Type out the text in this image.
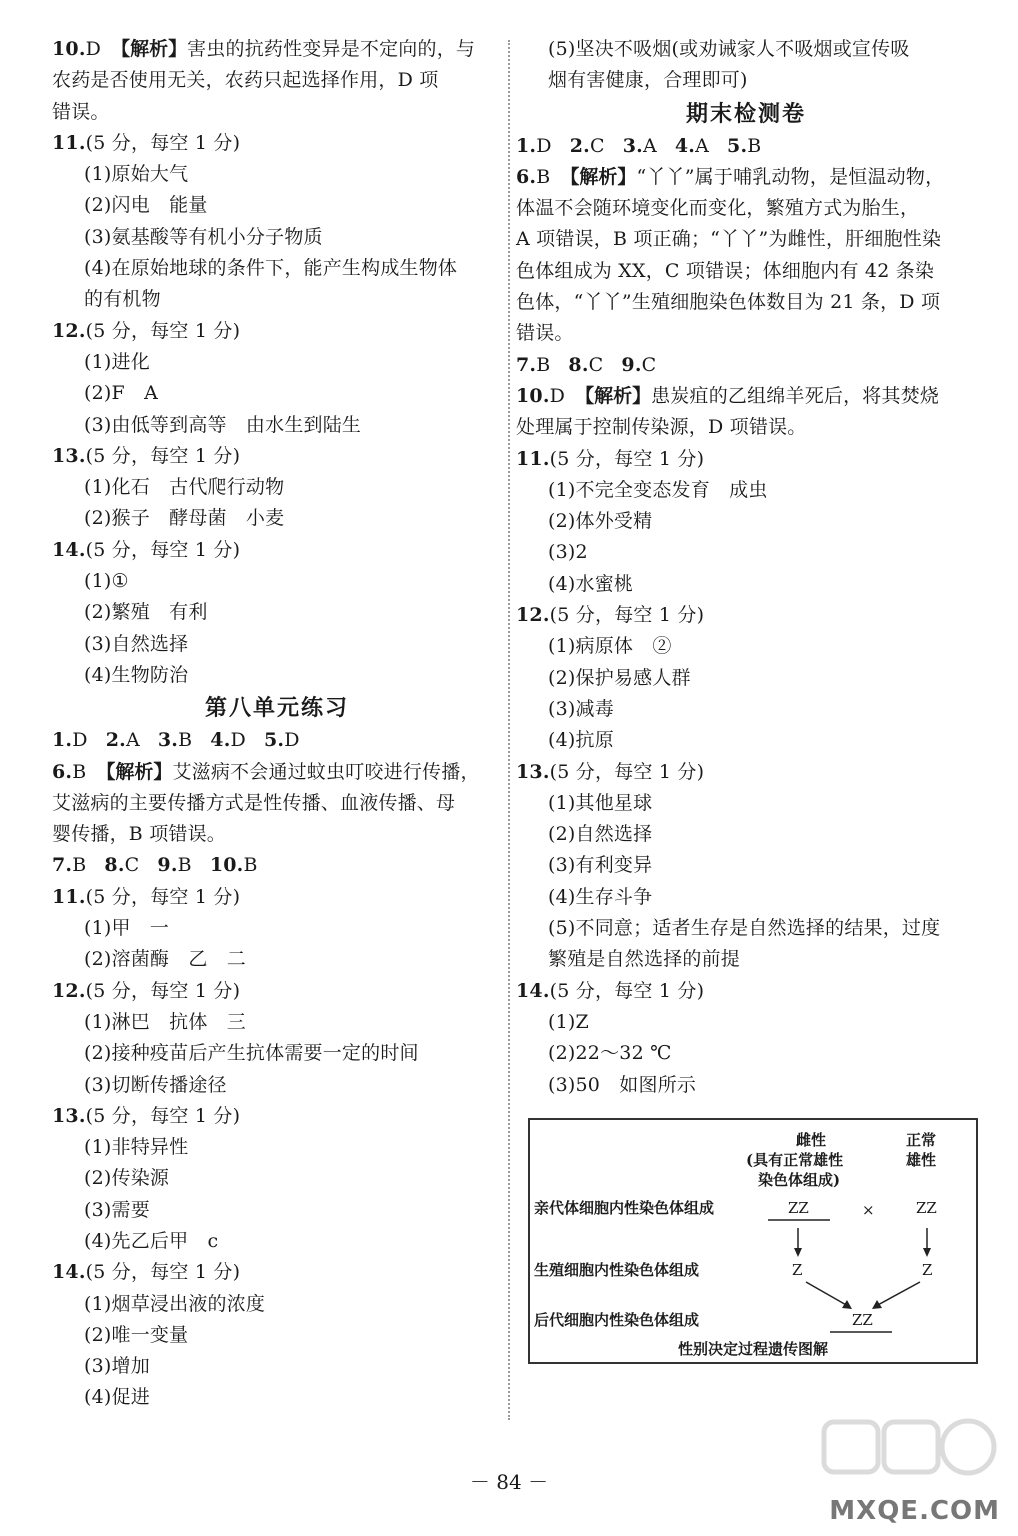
10.D 【解析】害虫的抗药性变异是不定向的，与
农药是否使用无关，农药只起选择作用，D 项
错误。
11.(5 分，每空 1 分)
(1)原始大气
(2)闪电　能量
(3)氨基酸等有机小分子物质
(4)在原始地球的条件下，能产生构成生物体
的有机物
12.(5 分，每空 1 分)
(1)进化
(2)F　A
(3)由低等到高等　由水生到陆生
13.(5 分，每空 1 分)
(1)化石　古代爬行动物
(2)猴子　酵母菌　小麦
14.(5 分，每空 1 分)
(1)①
(2)繁殖　有利
(3)自然选择
(4)生物防治
第八单元练习
1.D 2.A 3.B 4.D 5.D
6.B 【解析】艾滋病不会通过蚊虫叮咬进行传播，
艾滋病的主要传播方式是性传播、血液传播、母
婴传播，B 项错误。
7.B 8.C 9.B 10.B
11.(5 分，每空 1 分)
(1)甲　一
(2)溶菌酶　乙　二
12.(5 分，每空 1 分)
(1)淋巴　抗体　三
(2)接种疫苗后产生抗体需要一定的时间
(3)切断传播途径
13.(5 分，每空 1 分)
(1)非特异性
(2)传染源
(3)需要
(4)先乙后甲　c
14.(5 分，每空 1 分)
(1)烟草浸出液的浓度
(2)唯一变量
(3)增加
(4)促进
(5)坚决不吸烟(或劝诫家人不吸烟或宣传吸
烟有害健康，合理即可)
期末检测卷
1.D 2.C 3.A 4.A 5.B
6.B 【解析】“丫丫”属于哺乳动物，是恒温动物，
体温不会随环境变化而变化，繁殖方式为胎生，
A 项错误，B 项正确；“丫丫”为雌性，肝细胞性染
色体组成为 XX，C 项错误；体细胞内有 42 条染
色体，“丫丫”生殖细胞染色体数目为 21 条，D 项
错误。
7.B 8.C 9.C
10.D 【解析】患炭疽的乙组绵羊死后，将其焚烧
处理属于控制传染源，D 项错误。
11.(5 分，每空 1 分)
(1)不完全变态发育　成虫
(2)体外受精
(3)2
(4)水蜜桃
12.(5 分，每空 1 分)
(1)病原体　②
(2)保护易感人群
(3)减毒
(4)抗原
13.(5 分，每空 1 分)
(1)其他星球
(2)自然选择
(3)有利变异
(4)生存斗争
(5)不同意；适者生存是自然选择的结果，过度
繁殖是自然选择的前提
14.(5 分，每空 1 分)
(1)Z
(2)22～32 ℃
(3)50　如图所示
雌性
(具有正常雄性
染色体组成)
正常
雄性
亲代体细胞内性染色体组成
生殖细胞内性染色体组成
后代细胞内性染色体组成
ZZ	×	ZZ
Z	Z
ZZ
性别决定过程遗传图解
－ 84 －
MXQE.COM
